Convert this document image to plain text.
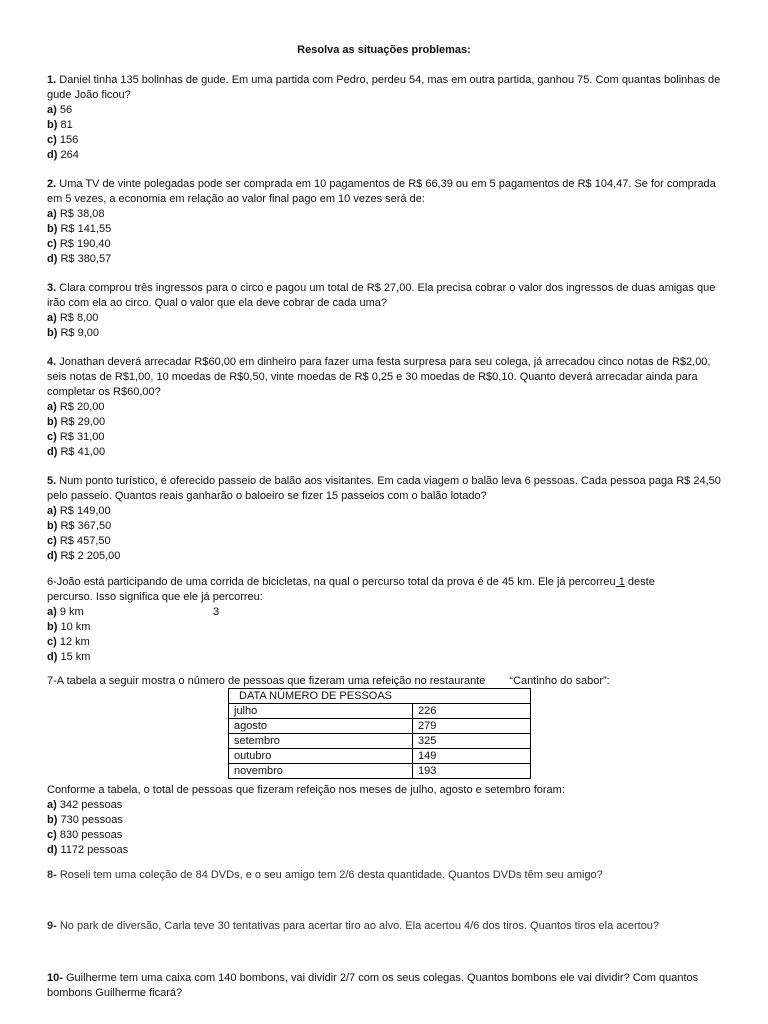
Resolva as situações problemas:

1. Daniel tinha 135 bolinhas de gude. Em uma partida com Pedro, perdeu 54, mas em outra partida, ganhou 75. Com quantas bolinhas de gude João ficou?

a) 56

b) 81

c) 156

d) 264

2. Uma TV de vinte polegadas pode ser comprada em 10 pagamentos de R$ 66,39 ou em 5 pagamentos de R$ 104,47. Se for comprada em 5 vezes, a economia em relação ao valor final pago em 10 vezes será de:

a) R$ 38,08

b) R$ 141,55

c) R$ 190,40

d) R$ 380,57

3. Clara comprou três ingressos para o circo e pagou um total de R$ 27,00. Ela precisa cobrar o valor dos ingressos de duas amigas que irão com ela ao circo. Qual o valor que ela deve cobrar de cada uma?

a) R$ 8,00

b) R$ 9,00

4. Jonathan deverá arrecadar R$60,00 em dinheiro para fazer uma festa surpresa para seu colega, já arrecadou cinco notas de R$2,00, seis notas de R$1,00, 10 moedas de R$0,50, vinte moedas de R$ 0,25 e 30 moedas de R$0,10. Quanto deverá arrecadar ainda para completar os R$60,00?

a) R$ 20,00

b) R$ 29,00

c) R$ 31,00

d) R$ 41,00

5. Num ponto turístico, é oferecido passeio de balão aos visitantes. Em cada viagem o balão leva 6 pessoas. Cada pessoa paga R$ 24,50 pelo passeio. Quantos reais ganharão o baloeiro se fizer 15 passeios com o balão lotado?

a) R$ 149,00

b) R$ 367,50

c) R$ 457,50

d) R$ 2 205,00

6-João está participando de uma corrida de bicicletas, na qual o percurso total da prova é de 45 km. Ele já percorreu 1 deste

percurso. Isso significa que ele já percorreu:

a) 9 km	3

b) 10 km

c) 12 km

d) 15 km

7-A tabela a seguir mostra o número de pessoas que fizeram uma refeição no restaurante “Cantinho do sabor”:

DATA NÚMERO DE PESSOAS	
julho	226
agosto	279
setembro	325
outubro	149
novembro	193

Conforme a tabela, o total de pessoas que fizeram refeição nos meses de julho, agosto e setembro foram:

a) 342 pessoas

b) 730 pessoas

c) 830 pessoas

d) 1172 pessoas

8- Roseli tem uma coleção de 84 DVDs, e o seu amigo tem 2/6 desta quantidade. Quantos DVDs têm seu amigo?

9- No park de diversão, Carla teve 30 tentativas para acertar tiro ao alvo. Ela acertou 4/6 dos tiros. Quantos tiros ela acertou?

10- Guilherme tem uma caixa com 140 bombons, vai dividir 2/7 com os seus colegas. Quantos bombons ele vai dividir? Com quantos bombons Guilherme ficará?
